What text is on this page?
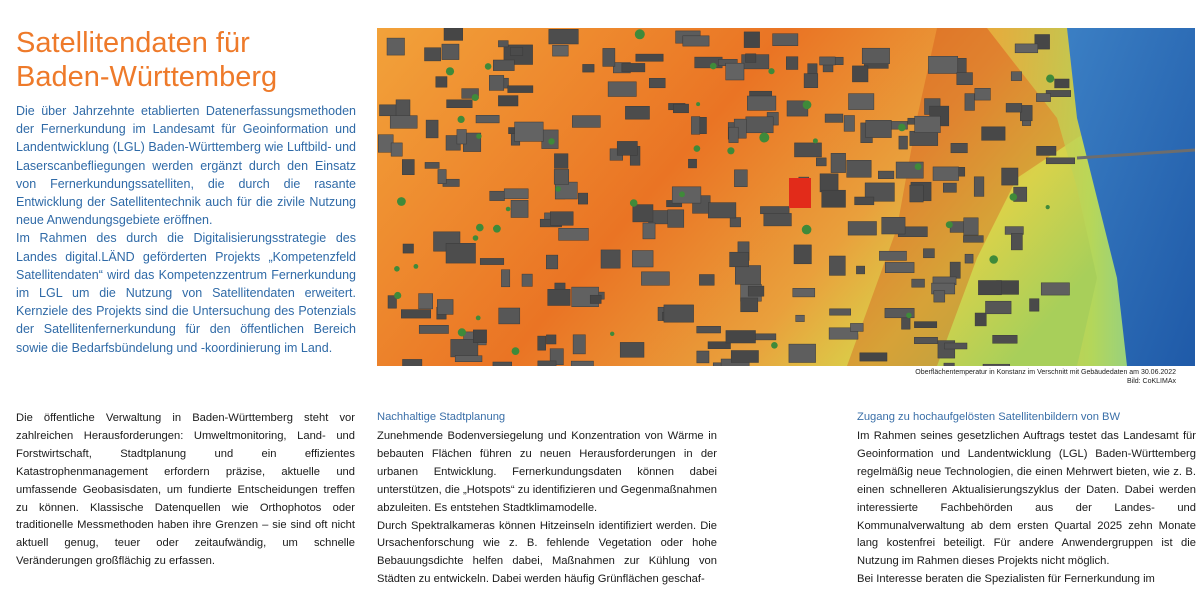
Satellitendaten für
Baden-Württemberg

Die über Jahrzehnte etablierten Datenerfassungsmethoden der Fernerkundung im Landesamt für Geoinformation und Landentwicklung (LGL) Baden-Württemberg wie Luftbild- und Laserscanbefliegungen werden ergänzt durch den Einsatz von Fernerkundungssatelliten, die durch die rasante Entwicklung der Satellitentechnik auch für die zivile Nutzung neue Anwendungsgebiete eröffnen.

Im Rahmen des durch die Digitalisierungsstrategie des Landes digital.LÄND geförderten Projekts „Kompetenzfeld Satellitendaten“ wird das Kompetenzzentrum Fernerkundung im LGL um die Nutzung von Satellitendaten erweitert. Kernziele des Projekts sind die Untersuchung des Potenzials der Satellitenfernerkundung für den öffentlichen Bereich sowie die Bedarfsbündelung und -koordinierung im Land.

Oberflächentemperatur in Konstanz im Verschnitt mit Gebäudedaten am 30.06.2022
Bild: CoKLIMAx

Die öffentliche Verwaltung in Baden-Württemberg steht vor zahlreichen Herausforderungen: Umweltmonitoring, Land- und Forstwirtschaft, Stadtplanung und ein effizientes Katastrophenmanagement erfordern präzise, aktuelle und umfassende Geobasisdaten, um fundierte Entscheidungen treffen zu können. Klassische Datenquellen wie Orthophotos oder traditionelle Messmethoden haben ihre Grenzen – sie sind oft nicht aktuell genug, teuer oder zeitaufwändig, um schnelle Veränderungen großflächig zu erfassen.

Nachhaltige Stadtplanung

Zunehmende Bodenversiegelung und Konzentration von Wärme in bebauten Flächen führen zu neuen Herausforderungen in der urbanen Entwicklung. Fernerkundungsdaten können dabei unterstützen, die „Hotspots“ zu identifizieren und Gegenmaßnahmen abzuleiten. Es entstehen Stadtklimamodelle.

Durch Spektralkameras können Hitzeinseln identifiziert werden. Die Ursachenforschung wie z. B. fehlende Vegetation oder hohe Bebauungsdichte helfen dabei, Maßnahmen zur Kühlung von Städten zu entwickeln. Dabei werden häufig Grünflächen geschaf-

Zugang zu hochaufgelösten Satellitenbildern von BW

Im Rahmen seines gesetzlichen Auftrags testet das Landesamt für Geoinformation und Landentwicklung (LGL) Baden-Württemberg regelmäßig neue Technologien, die einen Mehrwert bieten, wie z. B. einen schnelleren Aktualisierungszyklus der Daten. Dabei werden interessierte Fachbehörden aus der Landes- und Kommunalverwaltung ab dem ersten Quartal 2025 zehn Monate lang kostenfrei beteiligt. Für andere Anwendergruppen ist die Nutzung im Rahmen dieses Projekts nicht möglich.

Bei Interesse beraten die Spezialisten für Fernerkundung im
